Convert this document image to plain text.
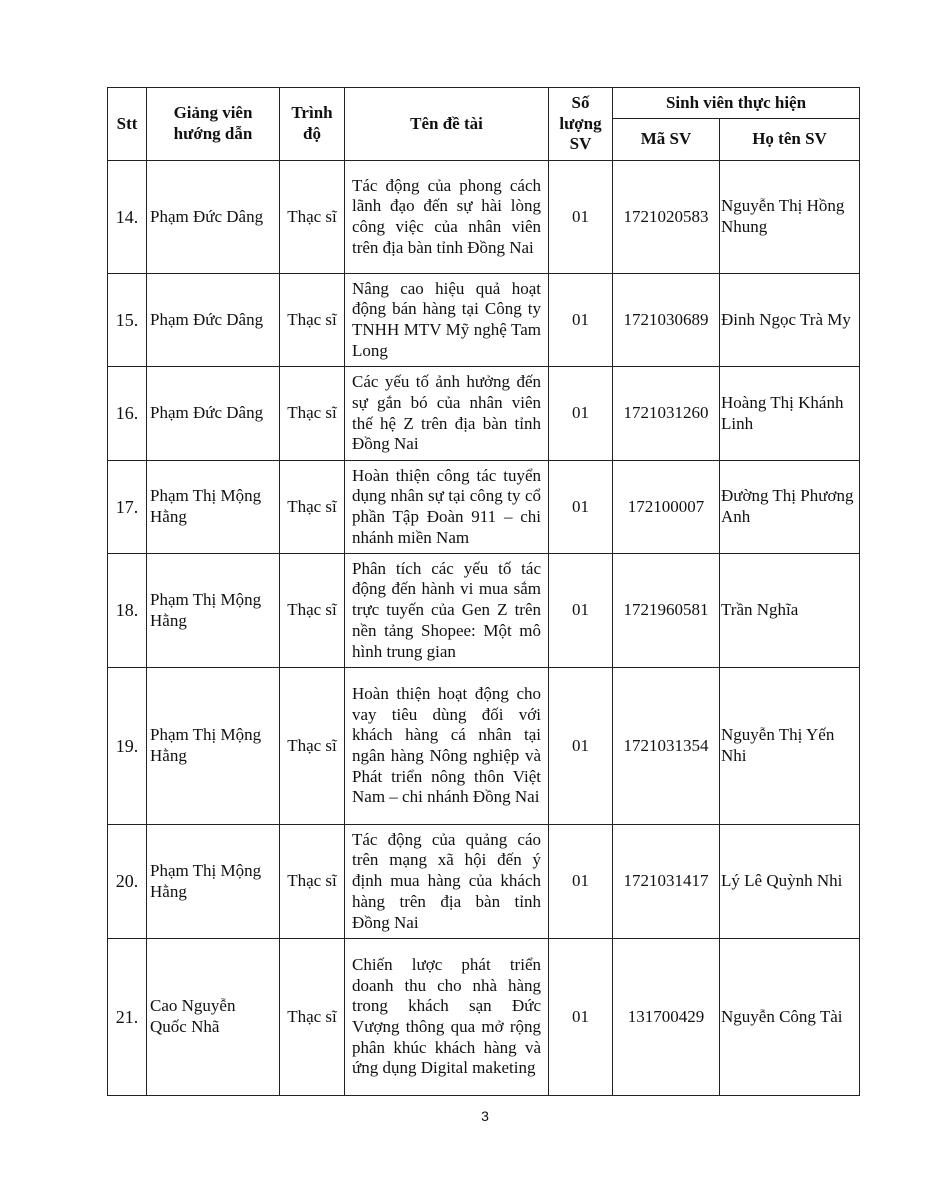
Stt	Giảng viên hướng dẫn	Trình độ	Tên đề tài	Số lượng SV	Sinh viên thực hiện	
					Mã SV	Họ tên SV
14.	Phạm Đức Dâng	Thạc sĩ	Tác động của phong cách lãnh đạo đến sự hài lòng công việc của nhân viên trên địa bàn tỉnh Đồng Nai	01	1721020583	Nguyễn Thị Hồng Nhung
15.	Phạm Đức Dâng	Thạc sĩ	Nâng cao hiệu quả hoạt động bán hàng tại Công ty TNHH MTV Mỹ nghệ Tam Long	01	1721030689	Đinh Ngọc Trà My
16.	Phạm Đức Dâng	Thạc sĩ	Các yếu tố ảnh hưởng đến sự gắn bó của nhân viên thế hệ Z trên địa bàn tỉnh Đồng Nai	01	1721031260	Hoàng Thị Khánh Linh
17.	Phạm Thị Mộng Hằng	Thạc sĩ	Hoàn thiện công tác tuyển dụng nhân sự tại công ty cổ phần Tập Đoàn 911 – chi nhánh miền Nam	01	172100007	Đường Thị Phương Anh
18.	Phạm Thị Mộng Hằng	Thạc sĩ	Phân tích các yếu tố tác động đến hành vi mua sắm trực tuyến của Gen Z trên nền tảng Shopee: Một mô hình trung gian	01	1721960581	Trần Nghĩa
19.	Phạm Thị Mộng Hằng	Thạc sĩ	Hoàn thiện hoạt động cho vay tiêu dùng đối với khách hàng cá nhân tại ngân hàng Nông nghiệp và Phát triển nông thôn Việt Nam – chi nhánh Đồng Nai	01	1721031354	Nguyễn Thị Yến Nhi
20.	Phạm Thị Mộng Hằng	Thạc sĩ	Tác động của quảng cáo trên mạng xã hội đến ý định mua hàng của khách hàng trên địa bàn tỉnh Đồng Nai	01	1721031417	Lý Lê Quỳnh Nhi
21.	Cao Nguyễn Quốc Nhã	Thạc sĩ	Chiến lược phát triển doanh thu cho nhà hàng trong khách sạn Đức Vượng thông qua mở rộng phân khúc khách hàng và ứng dụng Digital maketing	01	131700429	Nguyễn Công Tài
3
